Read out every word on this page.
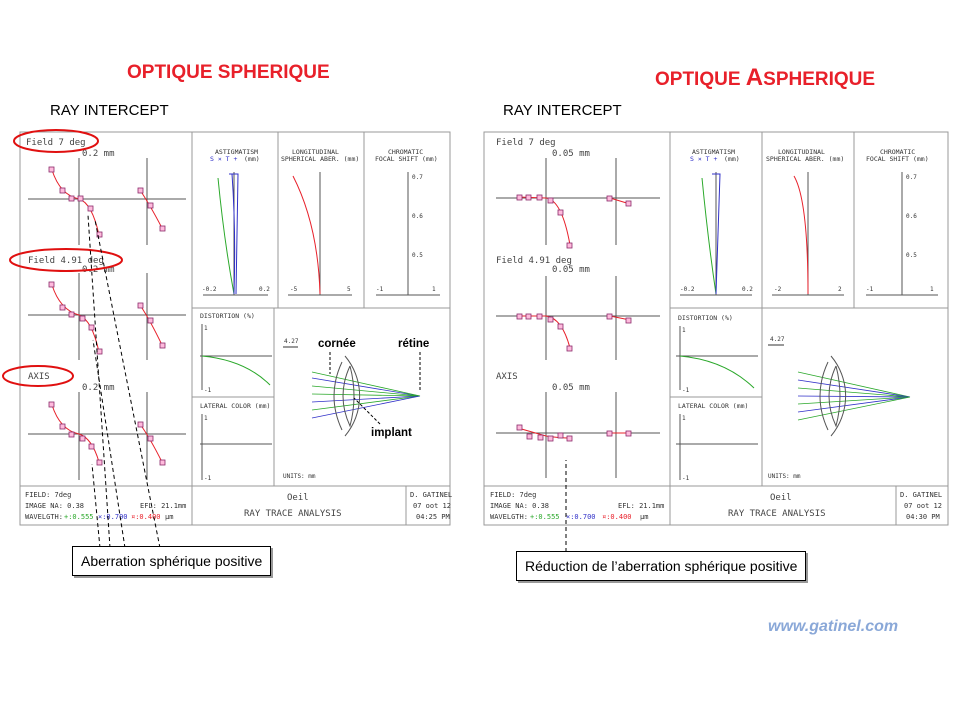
OPTIQUE SPHERIQUE	OPTIQUE ASPHERIQUE
RAY INTERCEPT	RAY INTERCEPT
Field 7 deg
0.2 mm
Field 4.91 deg
0.2 mm
AXIS
0.2 mm
ASTIGMATISM
S × T + (mm)
-0.2	0.2
LONGITUDINAL
SPHERICAL ABER. (mm)
-5	5
CHROMATIC
FOCAL SHIFT (mm)
-1	1
0.7
0.6
0.5
DISTORTION (%)
1
-1
LATERAL COLOR (mm)
1
-1
4.27
UNITS: mm
cornée	rétine
implant
FIELD: 7deg
IMAGE NA: 0.38	EFL: 21.1mm
WAVELGTH: +:0.555 ×:0.700 ¤:0.400 μm
Oeil
RAY TRACE ANALYSIS
D. GATINEL
07 oot 12
04:25 PM
Field 7 deg
0.05 mm
Field 4.91 deg
0.05 mm
AXIS
0.05 mm
ASTIGMATISM
S × T + (mm)
-0.2	0.2
LONGITUDINAL
SPHERICAL ABER. (mm)
-2	2
CHROMATIC
FOCAL SHIFT (mm)
-1	1
0.7
0.6
0.5
DISTORTION (%)
1
-1
LATERAL COLOR (mm)
1
-1
4.27
UNITS: mm
FIELD: 7deg
IMAGE NA: 0.38	EFL: 21.1mm
WAVELGTH: +:0.555 ×:0.700 ¤:0.400 μm
Oeil
RAY TRACE ANALYSIS
D. GATINEL
07 oot 12
04:30 PM
Aberration sphérique positive	Réduction de l’aberration sphérique positive
www.gatinel.com
